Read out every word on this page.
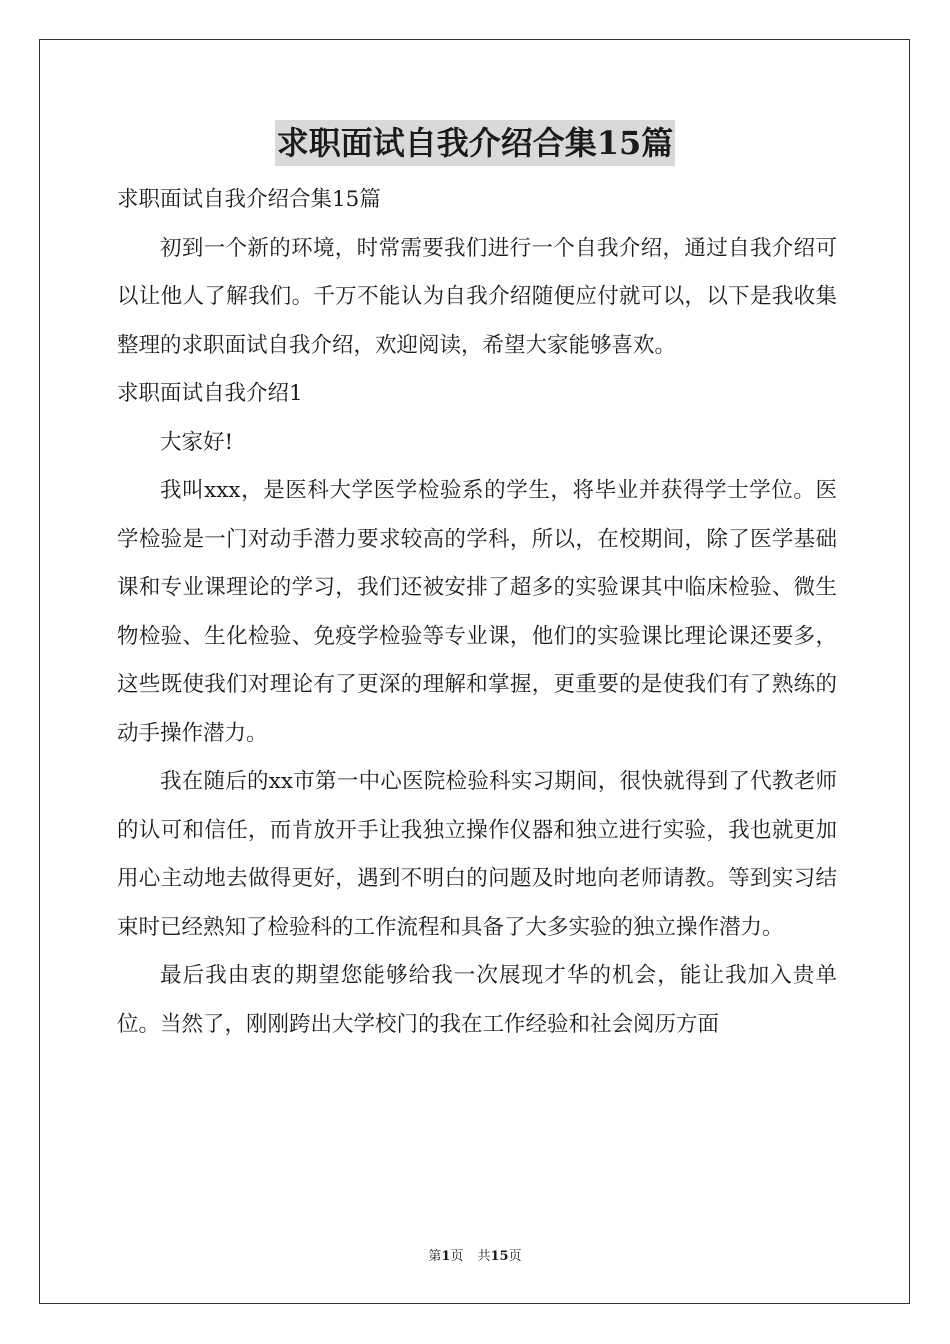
求职面试自我介绍合集15篇

求职面试自我介绍合集15篇

初到一个新的环境，时常需要我们进行一个自我介绍，通过自我介绍可以让他人了解我们。千万不能认为自我介绍随便应付就可以，以下是我收集整理的求职面试自我介绍，欢迎阅读，希望大家能够喜欢。

求职面试自我介绍1

大家好!

我叫xxx，是医科大学医学检验系的学生，将毕业并获得学士学位。医学检验是一门对动手潜力要求较高的学科，所以，在校期间，除了医学基础课和专业课理论的学习，我们还被安排了超多的实验课其中临床检验、微生物检验、生化检验、免疫学检验等专业课，他们的实验课比理论课还要多，这些既使我们对理论有了更深的理解和掌握，更重要的是使我们有了熟练的动手操作潜力。

我在随后的xx市第一中心医院检验科实习期间，很快就得到了代教老师的认可和信任，而肯放开手让我独立操作仪器和独立进行实验，我也就更加用心主动地去做得更好，遇到不明白的问题及时地向老师请教。等到实习结束时已经熟知了检验科的工作流程和具备了大多实验的独立操作潜力。

最后我由衷的期望您能够给我一次展现才华的机会，能让我加入贵单位。当然了，刚刚跨出大学校门的我在工作经验和社会阅历方面

第1页 共15页
